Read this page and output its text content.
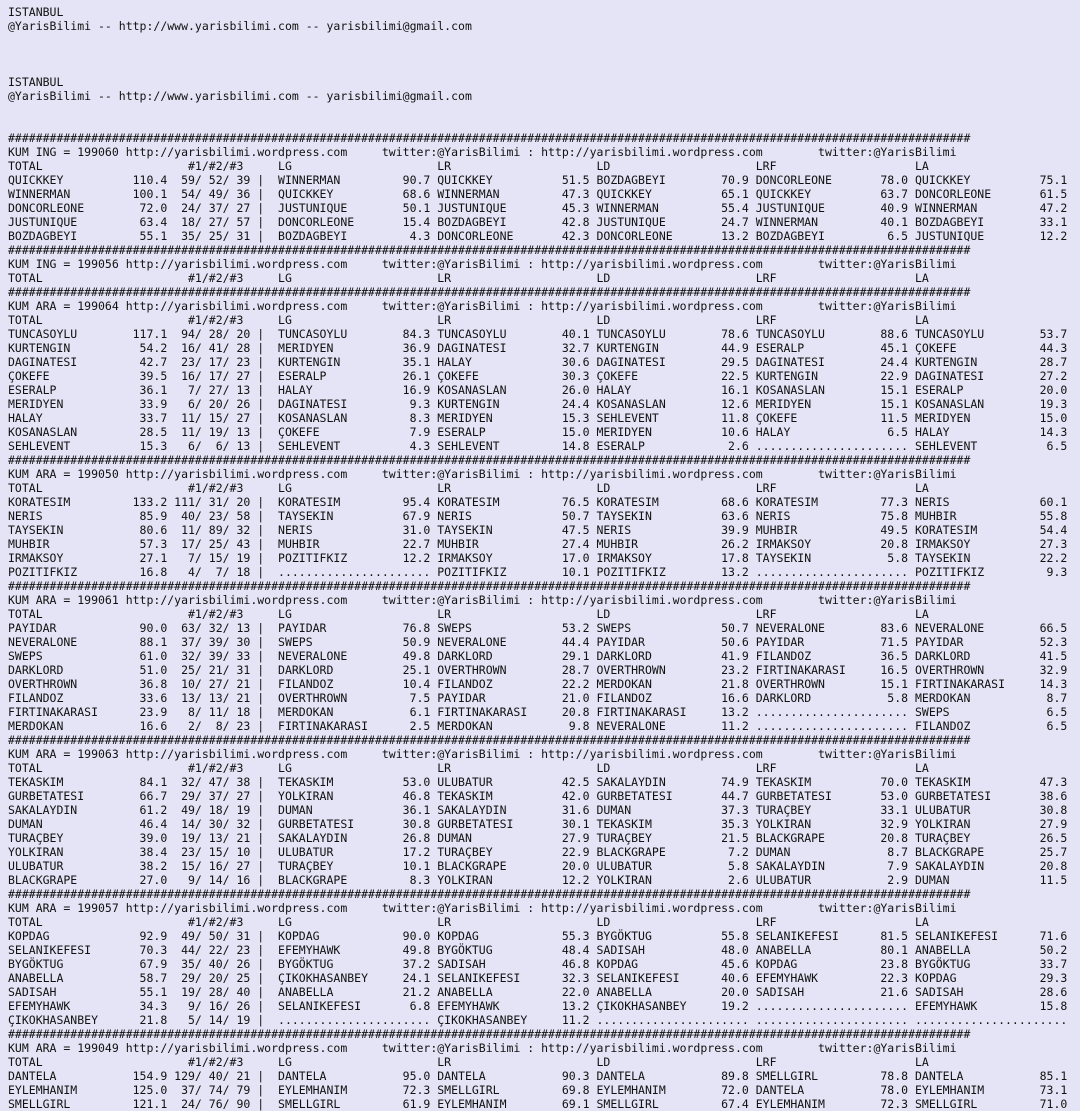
ISTANBUL
@YarisBilimi -- http://www.yarisbilimi.com -- yarisbilimi@gmail.com

ISTANBUL
@YarisBilimi -- http://www.yarisbilimi.com -- yarisbilimi@gmail.com

###########################################################################################################################################
KUM ING = 199060 http://yarisbilimi.wordpress.com     twitter:@YarisBilimi : http://yarisbilimi.wordpress.com        twitter:@YarisBilimi
TOTAL                     #1/#2/#3     LG                     LR                     LD                     LRF                    LA
QUICKKEY          110.4  59/ 52/ 39 |  WINNERMAN         90.7 QUICKKEY          51.5 BOZDAGBEYI        70.9 DONCORLEONE       78.0 QUICKKEY          75.1
WINNERMAN         100.1  54/ 49/ 36 |  QUICKKEY          68.6 WINNERMAN         47.3 QUICKKEY          65.1 QUICKKEY          63.7 DONCORLEONE       61.5
DONCORLEONE        72.0  24/ 37/ 27 |  JUSTUNIQUE        50.1 JUSTUNIQUE        45.3 WINNERMAN         55.4 JUSTUNIQUE        40.9 WINNERMAN         47.2
JUSTUNIQUE         63.4  18/ 27/ 57 |  DONCORLEONE       15.4 BOZDAGBEYI        42.8 JUSTUNIQUE        24.7 WINNERMAN         40.1 BOZDAGBEYI        33.1
BOZDAGBEYI         55.1  35/ 25/ 31 |  BOZDAGBEYI         4.3 DONCORLEONE       42.3 DONCORLEONE       13.2 BOZDAGBEYI         6.5 JUSTUNIQUE        12.2
###########################################################################################################################################
KUM ING = 199056 http://yarisbilimi.wordpress.com     twitter:@YarisBilimi : http://yarisbilimi.wordpress.com        twitter:@YarisBilimi
TOTAL                     #1/#2/#3     LG                     LR                     LD                     LRF                    LA
###########################################################################################################################################
KUM ARA = 199064 http://yarisbilimi.wordpress.com     twitter:@YarisBilimi : http://yarisbilimi.wordpress.com        twitter:@YarisBilimi
TOTAL                     #1/#2/#3     LG                     LR                     LD                     LRF                    LA
TUNCASOYLU        117.1  94/ 28/ 20 |  TUNCASOYLU        84.3 TUNCASOYLU        40.1 TUNCASOYLU        78.6 TUNCASOYLU        88.6 TUNCASOYLU        53.7
KURTENGIN          54.2  16/ 41/ 28 |  MERIDYEN          36.9 DAGINATESI        32.7 KURTENGIN         44.9 ESERALP           45.1 ÇOKEFE            44.3
DAGINATESI         42.7  23/ 17/ 23 |  KURTENGIN         35.1 HALAY             30.6 DAGINATESI        29.5 DAGINATESI        24.4 KURTENGIN         28.7
ÇOKEFE             39.5  16/ 17/ 27 |  ESERALP           26.1 ÇOKEFE            30.3 ÇOKEFE            22.5 KURTENGIN         22.9 DAGINATESI        27.2
ESERALP            36.1   7/ 27/ 13 |  HALAY             16.9 KOSANASLAN        26.0 HALAY             16.1 KOSANASLAN        15.1 ESERALP           20.0
MERIDYEN           33.9   6/ 20/ 26 |  DAGINATESI         9.3 KURTENGIN         24.4 KOSANASLAN        12.6 MERIDYEN          15.1 KOSANASLAN        19.3
HALAY              33.7  11/ 15/ 27 |  KOSANASLAN         8.3 MERIDYEN          15.3 SEHLEVENT         11.8 ÇOKEFE            11.5 MERIDYEN          15.0
KOSANASLAN         28.5  11/ 19/ 13 |  ÇOKEFE             7.9 ESERALP           15.0 MERIDYEN          10.6 HALAY              6.5 HALAY             14.3
SEHLEVENT          15.3   6/  6/ 13 |  SEHLEVENT          4.3 SEHLEVENT         14.8 ESERALP            2.6 ...................... SEHLEVENT          6.5
###########################################################################################################################################
KUM ARA = 199050 http://yarisbilimi.wordpress.com     twitter:@YarisBilimi : http://yarisbilimi.wordpress.com        twitter:@YarisBilimi
TOTAL                     #1/#2/#3     LG                     LR                     LD                     LRF                    LA
KORATESIM         133.2 111/ 31/ 20 |  KORATESIM         95.4 KORATESIM         76.5 KORATESIM         68.6 KORATESIM         77.3 NERIS             60.1
NERIS              85.9  40/ 23/ 58 |  TAYSEKIN          67.9 NERIS             50.7 TAYSEKIN          63.6 NERIS             75.8 MUHBIR            55.8
TAYSEKIN           80.6  11/ 89/ 32 |  NERIS             31.0 TAYSEKIN          47.5 NERIS             39.9 MUHBIR            49.5 KORATESIM         54.4
MUHBIR             57.3  17/ 25/ 43 |  MUHBIR            22.7 MUHBIR            27.4 MUHBIR            26.2 IRMAKSOY          20.8 IRMAKSOY          27.3
IRMAKSOY           27.1   7/ 15/ 19 |  POZITIFKIZ        12.2 IRMAKSOY          17.0 IRMAKSOY          17.8 TAYSEKIN           5.8 TAYSEKIN          22.2
POZITIFKIZ         16.8   4/  7/ 18 |  ...................... POZITIFKIZ        10.1 POZITIFKIZ        13.2 ...................... POZITIFKIZ         9.3
###########################################################################################################################################
KUM ARA = 199061 http://yarisbilimi.wordpress.com     twitter:@YarisBilimi : http://yarisbilimi.wordpress.com        twitter:@YarisBilimi
TOTAL                     #1/#2/#3     LG                     LR                     LD                     LRF                    LA
PAYIDAR            90.0  63/ 32/ 13 |  PAYIDAR           76.8 SWEPS             53.2 SWEPS             50.7 NEVERALONE        83.6 NEVERALONE        66.5
NEVERALONE         88.1  37/ 39/ 30 |  SWEPS             50.9 NEVERALONE        44.4 PAYIDAR           50.6 PAYIDAR           71.5 PAYIDAR           52.3
SWEPS              61.0  32/ 39/ 33 |  NEVERALONE        49.8 DARKLORD          29.1 DARKLORD          41.9 FILANDOZ          36.5 DARKLORD          41.5
DARKLORD           51.0  25/ 21/ 31 |  DARKLORD          25.1 OVERTHROWN        28.7 OVERTHROWN        23.2 FIRTINAKARASI     16.5 OVERTHROWN        32.9
OVERTHROWN         36.8  10/ 27/ 21 |  FILANDOZ          10.4 FILANDOZ          22.2 MERDOKAN          21.8 OVERTHROWN        15.1 FIRTINAKARASI     14.3
FILANDOZ           33.6  13/ 13/ 21 |  OVERTHROWN         7.5 PAYIDAR           21.0 FILANDOZ          16.6 DARKLORD           5.8 MERDOKAN           8.7
FIRTINAKARASI      23.9   8/ 11/ 18 |  MERDOKAN           6.1 FIRTINAKARASI     20.8 FIRTINAKARASI     13.2 ...................... SWEPS              6.5
MERDOKAN           16.6   2/  8/ 23 |  FIRTINAKARASI      2.5 MERDOKAN           9.8 NEVERALONE        11.2 ...................... FILANDOZ           6.5
###########################################################################################################################################
KUM ARA = 199063 http://yarisbilimi.wordpress.com     twitter:@YarisBilimi : http://yarisbilimi.wordpress.com        twitter:@YarisBilimi
TOTAL                     #1/#2/#3     LG                     LR                     LD                     LRF                    LA
TEKASKIM           84.1  32/ 47/ 38 |  TEKASKIM          53.0 ULUBATUR          42.5 SAKALAYDIN        74.9 TEKASKIM          70.0 TEKASKIM          47.3
GURBETATESI        66.7  29/ 37/ 27 |  YOLKIRAN          46.8 TEKASKIM          42.0 GURBETATESI       44.7 GURBETATESI       53.0 GURBETATESI       38.6
SAKALAYDIN         61.2  49/ 18/ 19 |  DUMAN             36.1 SAKALAYDIN        31.6 DUMAN             37.3 TURAÇBEY          33.1 ULUBATUR          30.8
DUMAN              46.4  14/ 30/ 32 |  GURBETATESI       30.8 GURBETATESI       30.1 TEKASKIM          35.3 YOLKIRAN          32.9 YOLKIRAN          27.9
TURAÇBEY           39.0  19/ 13/ 21 |  SAKALAYDIN        26.8 DUMAN             27.9 TURAÇBEY          21.5 BLACKGRAPE        20.8 TURAÇBEY          26.5
YOLKIRAN           38.4  23/ 15/ 10 |  ULUBATUR          17.2 TURAÇBEY          22.9 BLACKGRAPE         7.2 DUMAN              8.7 BLACKGRAPE        25.7
ULUBATUR           38.2  15/ 16/ 27 |  TURAÇBEY          10.1 BLACKGRAPE        20.0 ULUBATUR           5.8 SAKALAYDIN         7.9 SAKALAYDIN        20.8
BLACKGRAPE         27.0   9/ 14/ 16 |  BLACKGRAPE         8.3 YOLKIRAN          12.2 YOLKIRAN           2.6 ULUBATUR           2.9 DUMAN             11.5
###########################################################################################################################################
KUM ARA = 199057 http://yarisbilimi.wordpress.com     twitter:@YarisBilimi : http://yarisbilimi.wordpress.com        twitter:@YarisBilimi
TOTAL                     #1/#2/#3     LG                     LR                     LD                     LRF                    LA
KOPDAG             92.9  49/ 50/ 31 |  KOPDAG            90.0 KOPDAG            55.3 BYGÖKTUG          55.8 SELANIKEFESI      81.5 SELANIKEFESI      71.6
SELANIKEFESI       70.3  44/ 22/ 23 |  EFEMYHAWK         49.8 BYGÖKTUG          48.4 SADISAH           48.0 ANABELLA          80.1 ANABELLA          50.2
BYGÖKTUG           67.9  35/ 40/ 26 |  BYGÖKTUG          37.2 SADISAH           46.8 KOPDAG            45.6 KOPDAG            23.8 BYGÖKTUG          33.7
ANABELLA           58.7  29/ 20/ 25 |  ÇIKOKHASANBEY     24.1 SELANIKEFESI      32.3 SELANIKEFESI      40.6 EFEMYHAWK         22.3 KOPDAG            29.3
SADISAH            55.1  19/ 28/ 40 |  ANABELLA          21.2 ANABELLA          22.0 ANABELLA          20.0 SADISAH           21.6 SADISAH           28.6
EFEMYHAWK          34.3   9/ 16/ 26 |  SELANIKEFESI       6.8 EFEMYHAWK         13.2 ÇIKOKHASANBEY     19.2 ...................... EFEMYHAWK         15.8
ÇIKOKHASANBEY      21.8   5/ 14/ 19 |  ...................... ÇIKOKHASANBEY     11.2 ...................... ...................... ......................
###########################################################################################################################################
KUM ARA = 199049 http://yarisbilimi.wordpress.com     twitter:@YarisBilimi : http://yarisbilimi.wordpress.com        twitter:@YarisBilimi
TOTAL                     #1/#2/#3     LG                     LR                     LD                     LRF                    LA
DANTELA           154.9 129/ 40/ 21 |  DANTELA           95.0 DANTELA           90.3 DANTELA           89.8 SMELLGIRL         78.8 DANTELA           85.1
EYLEMHANIM        125.0  37/ 74/ 79 |  EYLEMHANIM        72.3 SMELLGIRL         69.8 EYLEMHANIM        72.0 DANTELA           78.0 EYLEMHANIM        73.1
SMELLGIRL         121.1  24/ 76/ 90 |  SMELLGIRL         61.9 EYLEMHANIM        69.1 SMELLGIRL         67.4 EYLEMHANIM        72.3 SMELLGIRL         71.0
